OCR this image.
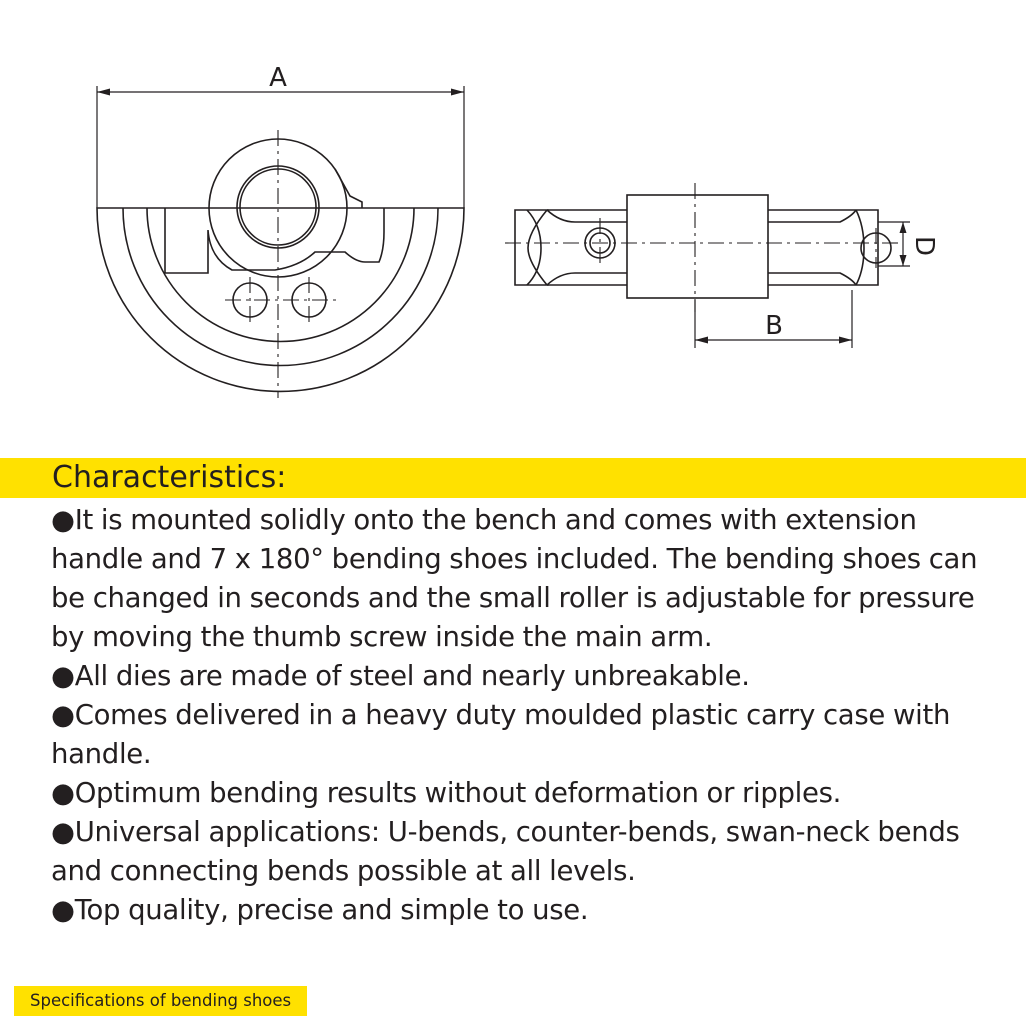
A
B
D
Characteristics:
●It is mounted solidly onto the bench and comes with extension handle and 7 x 180° bending shoes included. The bending shoes can be changed in seconds and the small roller is adjustable for pressure by moving the thumb screw inside the main arm.
●All dies are made of steel and nearly unbreakable.
●Comes delivered in a heavy duty moulded plastic carry case with handle.
●Optimum bending results without deformation or ripples.
●Universal applications: U-bends, counter-bends, swan-neck bends and connecting bends possible at all levels.
●Top quality, precise and simple to use.
Specifications of bending shoes
